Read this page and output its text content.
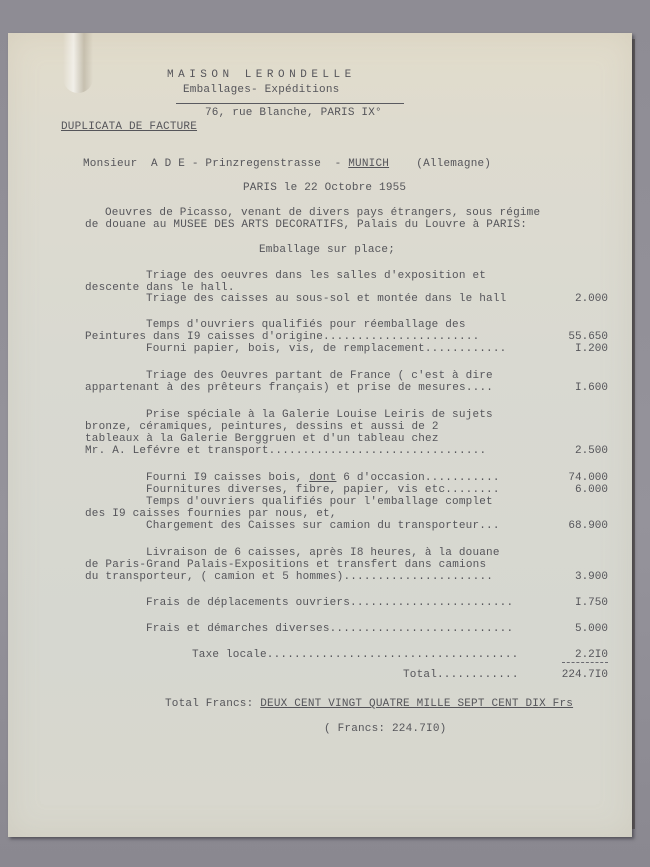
MAISON LERONDELLE
Emballages- Expéditions
76, rue Blanche, PARIS IX°
DUPLICATA DE FACTURE
Monsieur  A D E - Prinzregenstrasse  - MUNICH (Allemagne)
PARIS le 22 Octobre 1955
Oeuvres de Picasso, venant de divers pays étrangers, sous régime
de douane au MUSEE DES ARTS DECORATIFS, Palais du Louvre à PARIS:
Emballage sur place;
Triage des oeuvres dans les salles d'exposition et
descente dans le hall.
Triage des caisses au sous-sol et montée dans le hall	2.000
Temps d'ouvriers qualifiés pour réemballage des
Peintures dans I9 caisses d'origine.......................	55.650
Fourni papier, bois, vis, de remplacement............	I.200
Triage des Oeuvres partant de France ( c'est à dire
appartenant à des prêteurs français) et prise de mesures....	I.600
Prise spéciale à la Galerie Louise Leiris de sujets
bronze, céramiques, peintures, dessins et aussi de 2
tableaux à la Galerie Berggruen et d'un tableau chez
Mr. A. Lefévre et transport................................	2.500
Fourni I9 caisses bois, dont 6 d'occasion...........	74.000
Fournitures diverses, fibre, papier, vis etc........	6.000
Temps d'ouvriers qualifiés pour l'emballage complet
des I9 caisses fournies par nous, et,
Chargement des Caisses sur camion du transporteur...	68.900
Livraison de 6 caisses, après I8 heures, à la douane
de Paris-Grand Palais-Expositions et transfert dans camions
du transporteur, ( camion et 5 hommes)......................	3.900
Frais de déplacements ouvriers........................	I.750
Frais et démarches diverses...........................	5.000
Taxe locale.....................................	2.2I0
Total............	224.7I0
Total Francs: DEUX CENT VINGT QUATRE MILLE SEPT CENT DIX Frs
( Francs: 224.7I0)
